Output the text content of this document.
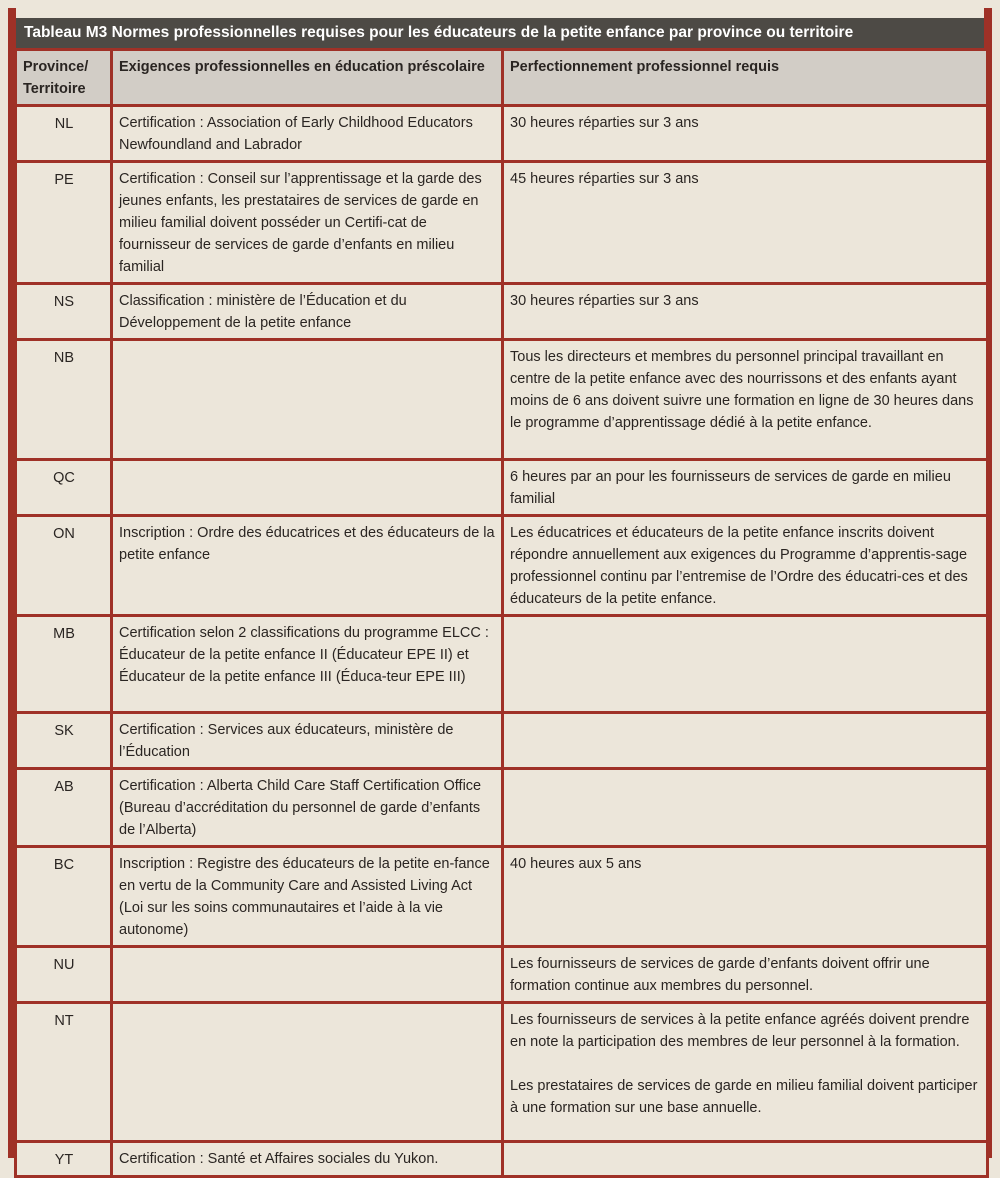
Tableau M3 Normes professionnelles requises pour les éducateurs de la petite enfance par province ou territoire
Province/ Territoire	Exigences professionnelles en éducation préscolaire	Perfectionnement professionnel requis
NL	Certification : Association of Early Childhood Educators Newfoundland and Labrador	30 heures réparties sur 3 ans
PE	Certification : Conseil sur l’apprentissage et la garde des jeunes enfants, les prestataires de services de garde en milieu familial doivent posséder un Certifi-cat de fournisseur de services de garde d’enfants en milieu familial	45 heures réparties sur 3 ans
NS	Classification : ministère de l’Éducation et du Développement de la petite enfance	30 heures réparties sur 3 ans
NB		Tous les directeurs et membres du personnel principal travaillant en centre de la petite enfance avec des nourrissons et des enfants ayant moins de 6 ans doivent suivre une formation en ligne de 30 heures dans le programme d’apprentissage dédié à la petite enfance.
QC		6 heures par an pour les fournisseurs de services de garde en milieu familial
ON	Inscription : Ordre des éducatrices et des éducateurs de la petite enfance	Les éducatrices et éducateurs de la petite enfance inscrits doivent répondre annuellement aux exigences du Programme d’apprentis-sage professionnel continu par l’entremise de l’Ordre des éducatri-ces et des éducateurs de la petite enfance.
MB	Certification selon 2 classifications du programme ELCC : Éducateur de la petite enfance II (Éducateur EPE II) et Éducateur de la petite enfance III (Éduca-teur EPE III)	
SK	Certification : Services aux éducateurs, ministère de l’Éducation	
AB	Certification : Alberta Child Care Staff Certification Office (Bureau d’accréditation du personnel de garde d’enfants de l’Alberta)	
BC	Inscription : Registre des éducateurs de la petite en-fance en vertu de la Community Care and Assisted Living Act (Loi sur les soins communautaires et l’aide à la vie autonome)	40 heures aux 5 ans
NU		Les fournisseurs de services de garde d’enfants doivent offrir une formation continue aux membres du personnel.
NT		Les fournisseurs de services à la petite enfance agréés doivent prendre en note la participation des membres de leur personnel à la formation.
Les prestataires de services de garde en milieu familial doivent participer à une formation sur une base annuelle.

YT	Certification : Santé et Affaires sociales du Yukon.	
